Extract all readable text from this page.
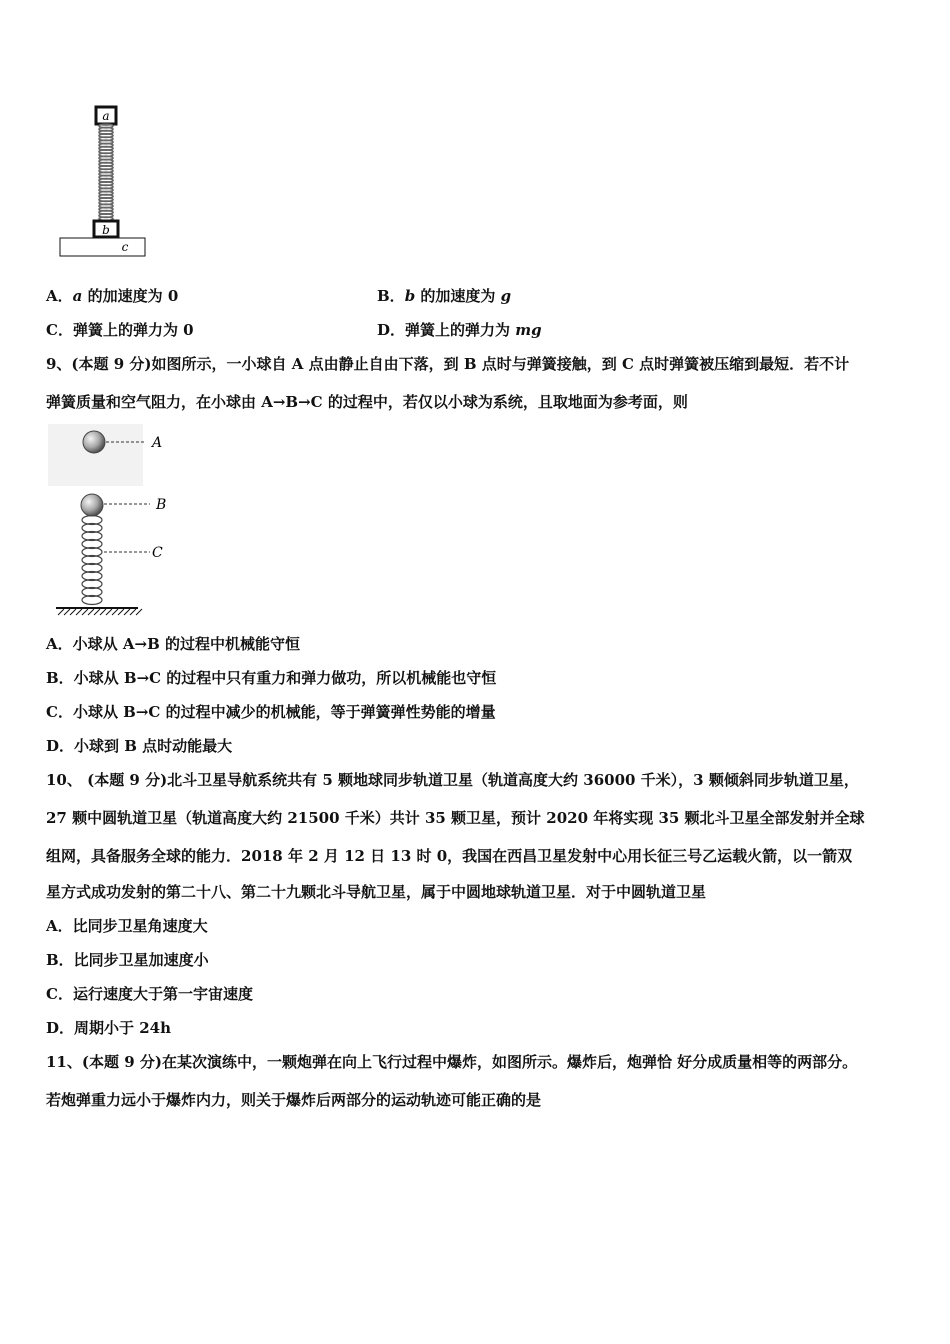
a
b
c
A．a 的加速度为 0	B．b 的加速度为 g
C．弹簧上的弹力为 0	D．弹簧上的弹力为 mg
9、(本题 9 分)如图所示，一小球自 A 点由静止自由下落，到 B 点时与弹簧接触，到 C 点时弹簧被压缩到最短．若不计
弹簧质量和空气阻力，在小球由 A→B→C 的过程中，若仅以小球为系统，且取地面为参考面，则
A
B
C
A．小球从 A→B 的过程中机械能守恒
B．小球从 B→C 的过程中只有重力和弹力做功，所以机械能也守恒
C．小球从 B→C 的过程中减少的机械能，等于弹簧弹性势能的增量
D．小球到 B 点时动能最大
10、 (本题 9 分)北斗卫星导航系统共有 5 颗地球同步轨道卫星（轨道高度大约 36000 千米），3 颗倾斜同步轨道卫星，
27 颗中圆轨道卫星（轨道高度大约 21500 千米）共计 35 颗卫星，预计 2020 年将实现 35 颗北斗卫星全部发射并全球
组网，具备服务全球的能力．2018 年 2 月 12 日 13 时 0，我国在西昌卫星发射中心用长征三号乙运载火箭，以一箭双
星方式成功发射的第二十八、第二十九颗北斗导航卫星，属于中圆地球轨道卫星．对于中圆轨道卫星
A．比同步卫星角速度大
B．比同步卫星加速度小
C．运行速度大于第一宇宙速度
D．周期小于 24h
11、(本题 9 分)在某次演练中，一颗炮弹在向上飞行过程中爆炸，如图所示。爆炸后，炮弹恰 好分成质量相等的两部分。
若炮弹重力远小于爆炸内力，则关于爆炸后两部分的运动轨迹可能正确的是
